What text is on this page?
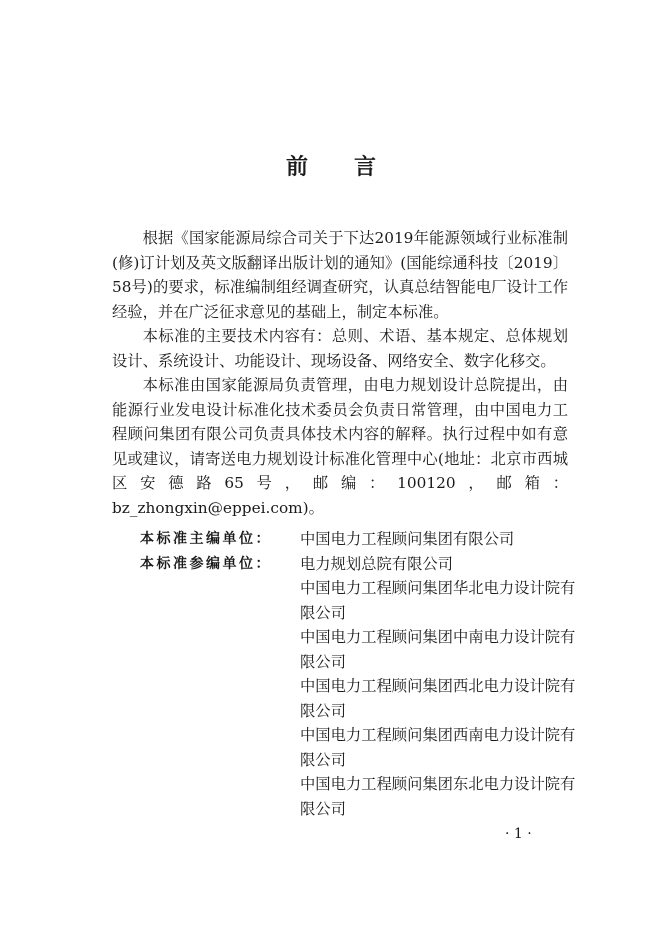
前 言

根据《国家能源局综合司关于下达2019年能源领域行业标准制(修)订计划及英文版翻译出版计划的通知》(国能综通科技〔2019〕58号)的要求，标准编制组经调查研究，认真总结智能电厂设计工作经验，并在广泛征求意见的基础上，制定本标准。

本标准的主要技术内容有：总则、术语、基本规定、总体规划设计、系统设计、功能设计、现场设备、网络安全、数字化移交。

本标准由国家能源局负责管理，由电力规划设计总院提出，由能源行业发电设计标准化技术委员会负责日常管理，由中国电力工程顾问集团有限公司负责具体技术内容的解释。执行过程中如有意见或建议，请寄送电力规划设计标准化管理中心(地址：北京市西城区安德路65号，邮编：100120，邮箱：bz_zhongxin@eppei.com)。

本标准主编单位：	中国电力工程顾问集团有限公司
本标准参编单位：	电力规划总院有限公司
中国电力工程顾问集团华北电力设计院有限公司
中国电力工程顾问集团中南电力设计院有限公司
中国电力工程顾问集团西北电力设计院有限公司
中国电力工程顾问集团西南电力设计院有限公司
中国电力工程顾问集团东北电力设计院有限公司
· 1 ·
